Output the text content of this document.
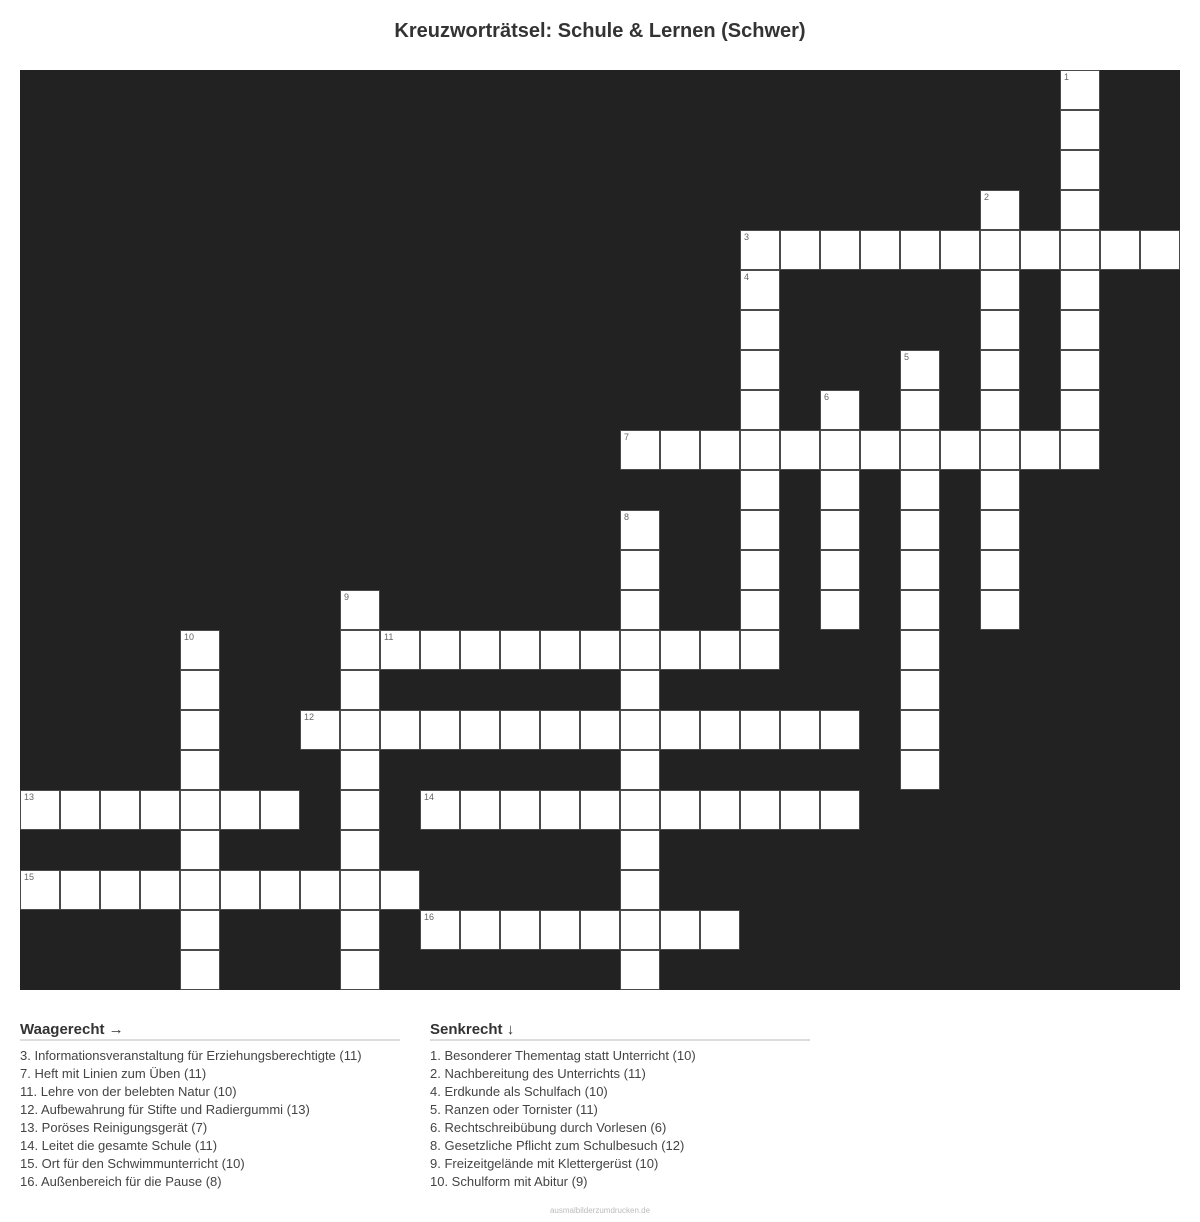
Kreuzworträtsel: Schule & Lernen (Schwer)
1
2
3
4
5
6
7
8
9
10	11
12
13	14
15
16
Waagerecht →
3. Informationsveranstaltung für Erziehungsberechtigte (11)
7. Heft mit Linien zum Üben (11)
11. Lehre von der belebten Natur (10)
12. Aufbewahrung für Stifte und Radiergummi (13)
13. Poröses Reinigungsgerät (7)
14. Leitet die gesamte Schule (11)
15. Ort für den Schwimmunterricht (10)
16. Außenbereich für die Pause (8)
Senkrecht ↓
1. Besonderer Thementag statt Unterricht (10)
2. Nachbereitung des Unterrichts (11)
4. Erdkunde als Schulfach (10)
5. Ranzen oder Tornister (11)
6. Rechtschreibübung durch Vorlesen (6)
8. Gesetzliche Pflicht zum Schulbesuch (12)
9. Freizeitgelände mit Klettergerüst (10)
10. Schulform mit Abitur (9)
ausmalbilderzumdrucken.de
